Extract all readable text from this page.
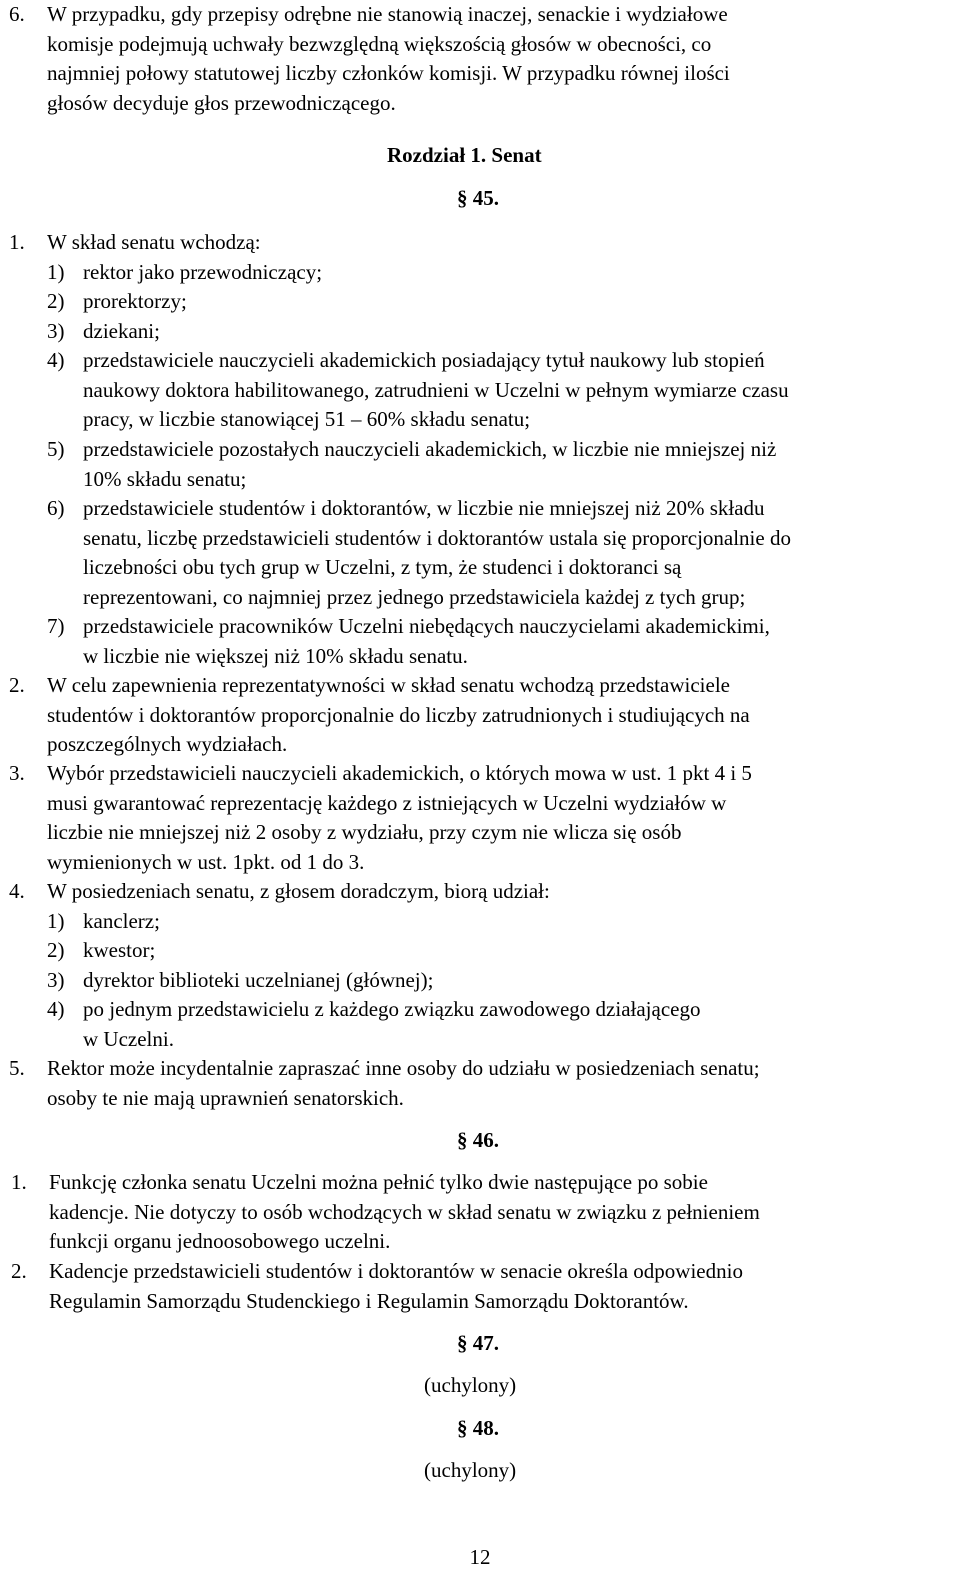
6. W przypadku, gdy przepisy odrębne nie stanowią inaczej, senackie i wydziałowe
komisje podejmują uchwały bezwzględną większością głosów w obecności, co
najmniej połowy statutowej liczby członków komisji. W przypadku równej ilości
głosów decyduje głos przewodniczącego.
Rozdział 1. Senat
§ 45.
1. W skład senatu wchodzą:
1) rektor jako przewodniczący;
2) prorektorzy;
3) dziekani;
4) przedstawiciele nauczycieli akademickich posiadający tytuł naukowy lub stopień
naukowy doktora habilitowanego, zatrudnieni w Uczelni w pełnym wymiarze czasu
pracy, w liczbie stanowiącej 51 – 60% składu senatu;
5) przedstawiciele pozostałych nauczycieli akademickich, w liczbie nie mniejszej niż
10% składu senatu;
6) przedstawiciele studentów i doktorantów, w liczbie nie mniejszej niż 20% składu
senatu, liczbę przedstawicieli studentów i doktorantów ustala się proporcjonalnie do
liczebności obu tych grup w Uczelni, z tym, że studenci i doktoranci są
reprezentowani, co najmniej przez jednego przedstawiciela każdej z tych grup;
7) przedstawiciele pracowników Uczelni niebędących nauczycielami akademickimi,
w liczbie nie większej niż 10% składu senatu.
2. W celu zapewnienia reprezentatywności w skład senatu wchodzą przedstawiciele
studentów i doktorantów proporcjonalnie do liczby zatrudnionych i studiujących na
poszczególnych wydziałach.
3. Wybór przedstawicieli nauczycieli akademickich, o których mowa w ust. 1 pkt 4 i 5
musi gwarantować reprezentację każdego z istniejących w Uczelni wydziałów w
liczbie nie mniejszej niż 2 osoby z wydziału, przy czym nie wlicza się osób
wymienionych w ust. 1pkt. od 1 do 3.
4. W posiedzeniach senatu, z głosem doradczym, biorą udział:
1) kanclerz;
2) kwestor;
3) dyrektor biblioteki uczelnianej (głównej);
4) po jednym przedstawicielu z każdego związku zawodowego działającego
w Uczelni.
5. Rektor może incydentalnie zapraszać inne osoby do udziału w posiedzeniach senatu;
osoby te nie mają uprawnień senatorskich.
§ 46.
1. Funkcję członka senatu Uczelni można pełnić tylko dwie następujące po sobie
kadencje. Nie dotyczy to osób wchodzących w skład senatu w związku z pełnieniem
funkcji organu jednoosobowego uczelni.
2. Kadencje przedstawicieli studentów i doktorantów w senacie określa odpowiednio
Regulamin Samorządu Studenckiego i Regulamin Samorządu Doktorantów.
§ 47.
(uchylony)
§ 48.
(uchylony)
12
